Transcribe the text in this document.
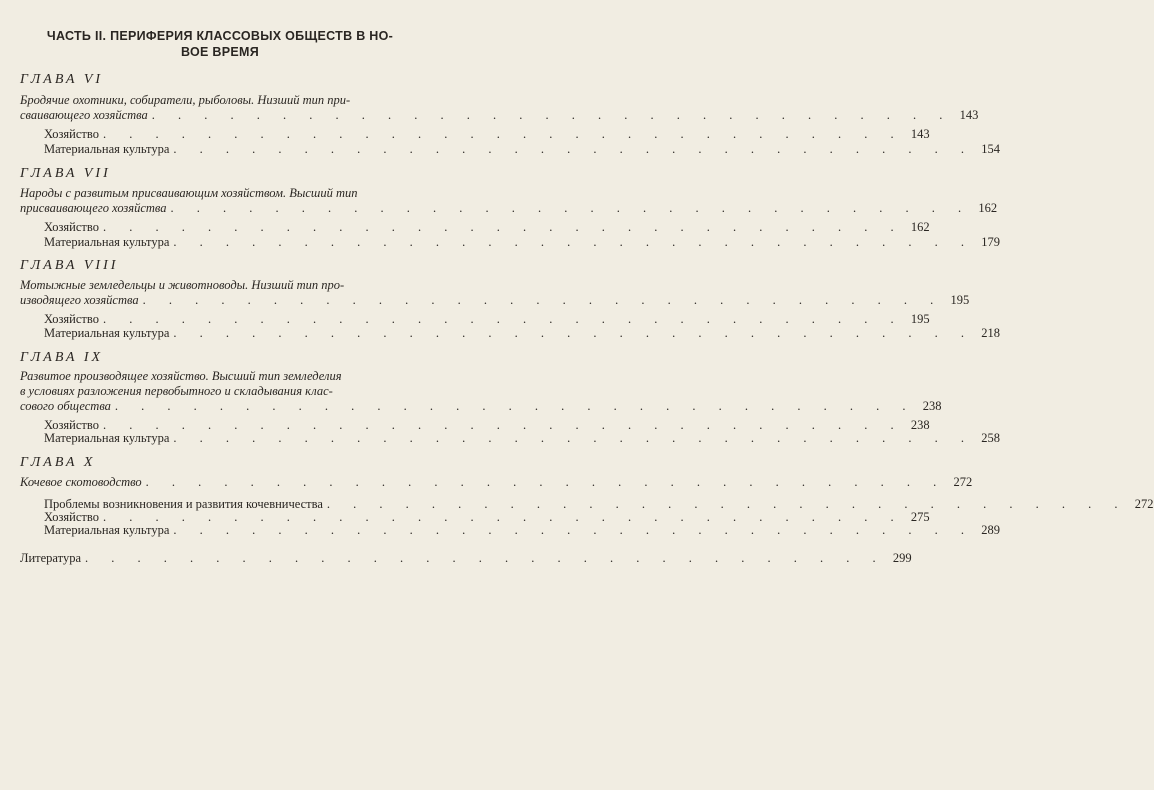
ЧАСТЬ II. ПЕРИФЕРИЯ КЛАССОВЫХ ОБЩЕСТВ В НО-
ВОЕ ВРЕМЯ
ГЛАВА VI
Бродячие охотники, собиратели, рыболовы. Низший тип при-
сваивающего хозяйства . . . . . . . . . . . . . . . . . . . . . . . . . . . . . . . 143
Хозяйство . . . . . . . . . . . . . . . . . . . . . . . . . . . . . . . 143
Материальная культура . . . . . . . . . . . . . . . . . . . . . . . . . . . . . . . 154
ГЛАВА VII
Народы с развитым присваивающим хозяйством. Высший тип
присваивающего хозяйства . . . . . . . . . . . . . . . . . . . . . . . . . . . . . . . 162
Хозяйство . . . . . . . . . . . . . . . . . . . . . . . . . . . . . . . 162
Материальная культура . . . . . . . . . . . . . . . . . . . . . . . . . . . . . . . 179
ГЛАВА VIII
Мотыжные земледельцы и животноводы. Низший тип про-
изводящего хозяйства . . . . . . . . . . . . . . . . . . . . . . . . . . . . . . . 195
Хозяйство . . . . . . . . . . . . . . . . . . . . . . . . . . . . . . . 195
Материальная культура . . . . . . . . . . . . . . . . . . . . . . . . . . . . . . . 218
ГЛАВА IX
Развитое производящее хозяйство. Высший тип земледелия
в условиях разложения первобытного и складывания клас-
сового общества . . . . . . . . . . . . . . . . . . . . . . . . . . . . . . . 238
Хозяйство . . . . . . . . . . . . . . . . . . . . . . . . . . . . . . . 238
Материальная культура . . . . . . . . . . . . . . . . . . . . . . . . . . . . . . . 258
ГЛАВА X
Кочевое скотоводство . . . . . . . . . . . . . . . . . . . . . . . . . . . . . . . 272
Проблемы возникновения и развития кочевничества . . . . . . . . . . . . . . . . . . . . . . . . . . . . . . . 272
Хозяйство . . . . . . . . . . . . . . . . . . . . . . . . . . . . . . . 275
Материальная культура . . . . . . . . . . . . . . . . . . . . . . . . . . . . . . . 289
Литература . . . . . . . . . . . . . . . . . . . . . . . . . . . . . . . 299
